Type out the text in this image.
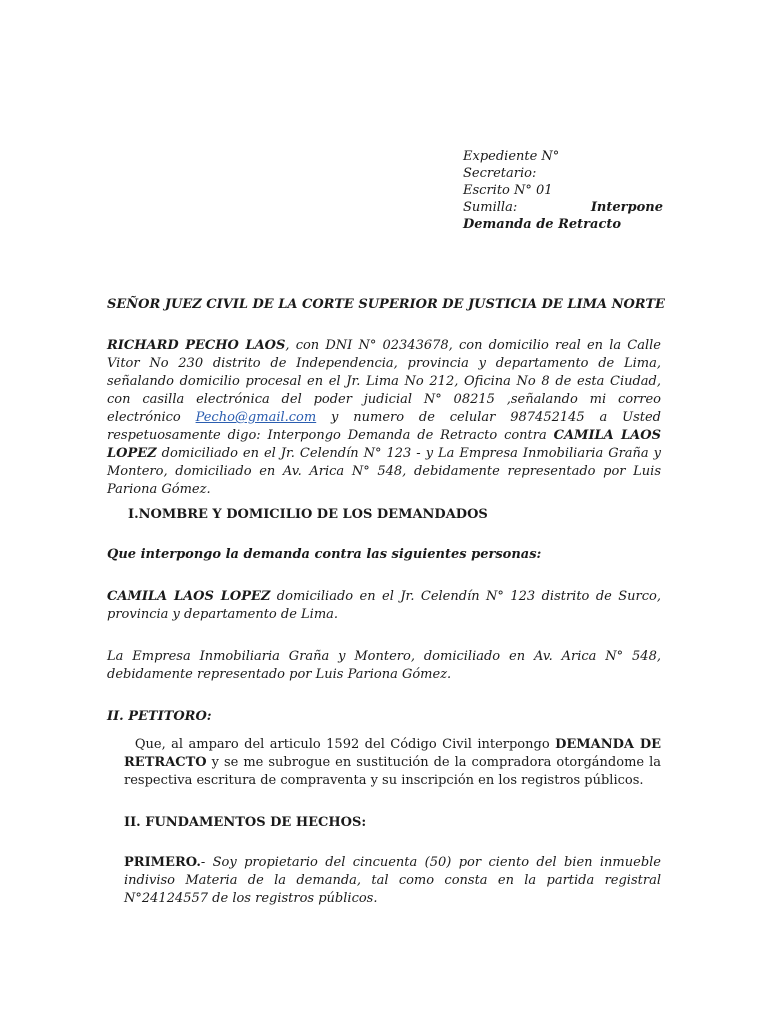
Expediente N°
Secretario:
Escrito N° 01
Sumilla:	Interpone
Demanda de Retracto
SEÑOR JUEZ CIVIL DE LA CORTE SUPERIOR DE JUSTICIA DE LIMA NORTE
RICHARD PECHO LAOS, con DNI N° 02343678, con domicilio real en la Calle Vitor No 230 distrito de Independencia, provincia y departamento de Lima, señalando domicilio procesal en el Jr. Lima No 212, Oficina No 8 de esta Ciudad, con casilla electrónica del poder judicial N° 08215 ,señalando mi correo electrónico Pecho@gmail.com y numero de celular 987452145 a Usted respetuosamente digo: Interpongo Demanda de Retracto contra CAMILA LAOS LOPEZ domiciliado en el Jr. Celendín N° 123 - y La Empresa Inmobiliaria Graña y Montero, domiciliado en Av. Arica N° 548, debidamente representado por Luis Pariona Gómez.
I.NOMBRE Y DOMICILIO DE LOS DEMANDADOS
Que interpongo la demanda contra las siguientes personas:
CAMILA LAOS LOPEZ domiciliado en el Jr. Celendín N° 123 distrito de Surco, provincia y departamento de Lima.
La Empresa Inmobiliaria Graña y Montero, domiciliado en Av. Arica N° 548, debidamente representado por Luis Pariona Gómez.
II. PETITORO:
Que, al amparo del articulo 1592 del Código Civil interpongo DEMANDA DE RETRACTO y se me subrogue en sustitución de la compradora otorgándome la respectiva escritura de compraventa y su inscripción en los registros públicos.
II. FUNDAMENTOS DE HECHOS:
PRIMERO.- Soy propietario del cincuenta (50) por ciento del bien inmueble indiviso Materia de la demanda, tal como consta en la partida registral N°24124557 de los registros públicos.
